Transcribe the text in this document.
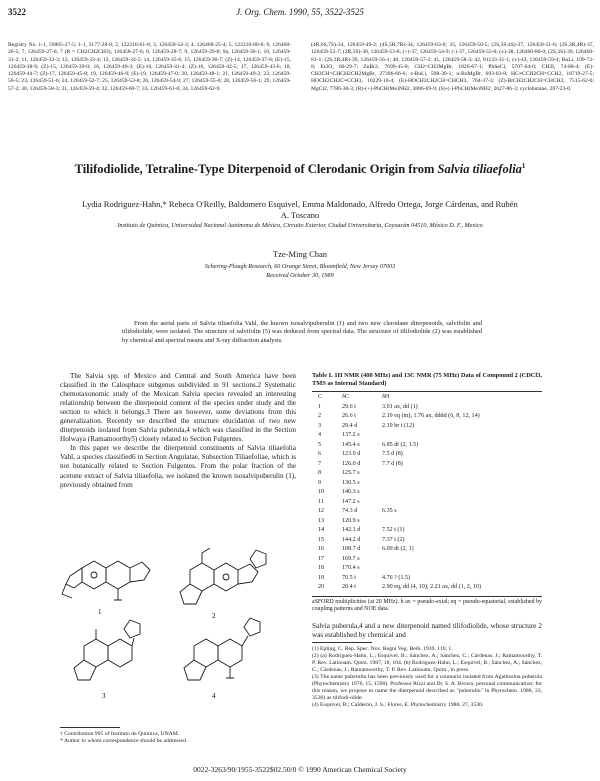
3522	J. Org. Chem. 1990, 55, 3522-3525
Registry No. 1-1, 59865-27-5; 1-1, 3177-28-8; 2, 122216-61-8; 3, 126458-54-3; 4, 126468-25-4; 5, 122210-80-6; 6, 126468-26-5; 7, 126459-27-6; 7 (R = CH2CH2CH3), 126458-27-6; 8, 126459-28-7; 9, 126459-29-8; 9a, 126459-30-1; 10, 126459-31-2; 11, 126459-32-3; 12, 126459-33-4; 13, 126459-34-5; 14, 126459-35-6; 15, 126459-36-7; (Z)-14, 126459-37-8; (E)-15, 126459-38-9; (Z)-15, 126459-39-0; 16, 126459-40-3; (E)-16, 126459-41-4; (Z)-16, 126459-42-5; 17, 126459-43-6; 18, 126459-44-7; (Z)-17, 126459-45-8; 19, 126459-46-9; (E)-19, 126459-47-0; 20, 126459-48-1; 21, 126459-49-2; 22, 126459-50-5; 23, 126459-51-6; 24, 126459-52-7; 25, 126459-53-8; 26, 126459-54-9; 27, 126459-55-0; 28, 126459-56-1; 29, 126459-57-2; 30, 126459-58-3; 31, 126459-59-4; 32, 126459-60-7; 33, 126459-61-8; 34, 126459-62-9.
(4R,6S,7S)-34, 126459-49-2; (4S,5R,7R)-34, 126459-63-0; 35, 126459-50-5; (2S,3S,4S)-37, 126459-51-6; (2S,3R,4R)-37, 126459-52-7; (2R,3S)-38, 126459-53-8; (+)-37, 126459-54-9; (-)-37, 126459-55-0; (±)-38, 126460-80-0; (2S,3S)-39, 126460-81-1; (2S,3R,4R)-39, 126459-56-1; 40, 126459-57-2; 41, 126459-58-3; 42, 81133-31-1; (±)-43, 126459-59-4; BuLi, 109-72-8; Et2O, 60-29-7; ZnBr2, 7699-45-8; CH2=CH2MgBr, 1826-67-1; PhSeCl, 5707-04-0; CH3I, 74-88-4; (E)-CH3CH=CHCH2CH2MgBr, 27396-66-6; s-BuLi, 598-30-1; n-BuMgBr, 693-03-8; HC≡CCH2CH=CCH2, 18719-27-5; HOCH2CH2C≡CCH3, 10229-10-4; (E)-HOCH2CH2CH=CHCH3, 764-37-3; (Z)-BrCH2CH2CH=CHCH3, 7515-62-0; MgCl2, 7786-30-3; (R)-(+)-PhCH(Me)NH2, 3886-69-9; (S)-(-)-PhCH(Me)NH2, 2627-86-3; cyclobutane, 287-23-0.
Tilifodiolide, Tetraline-Type Diterpenoid of Clerodanic Origin from Salvia tiliaefolia$^1$
Lydia Rodriguez-Hahn,* Rebeca O'Reilly, Baldomero Esquivel, Emma Maldonado, Alfredo Ortega, Jorge Cárdenas, and Rubén A. Toscano
Instituto de Química, Universidad Nacional Autónoma de México, Circuito Exterior, Ciudad Universitaria, Coyoacán 04510, México D. F., Mexico
Tze-Ming Chan
Schering-Plough Research, 60 Orange Street, Bloomfield, New Jersey 07003
Received October 30, 1989
From the aerial parts of Salvia tiliaefolia Vahl, the known isosalvipuberulin (1) and two new clerodane diterpenoids, salvifolin and tilifodiolide, were isolated. The structure of salvifolin (5) was deduced from spectral data. The structure of tilifodiolide (2) was established by chemical and spectral means and X-ray diffraction analysis.

The Salvia spp. of Mexico and Central and South America have been classified in the Calosphace subgenus subdivided in 91 sections.2 Systematic chemotaxonomic study of the Mexican Salvia species revealed an interesting relationship between the diterpenoid content of the species under study and the section to which it belongs.3 There are however, some deviations from this generalization. Recently we described the structure elucidation of two new diterpenoids isolated from Salvia puberula,4 which was classified in the Section Holwaya (Ramamoorthy5) closely related to Section Fulgentes.

In this paper we describe the diterpenoid constituents of Salvia tiliaefolia Vahl, a species classified6 in Section Angulatae, Subsection Tiliaefoliae, which is not botanically related to Section Fulgentes. From the polar fraction of the acetone extract of Salvia tiliaefolia, we isolated the known isosalvipuberulin (1), previously obtained from

1	2
3	4
† Contribution 995 of Instituto de Química, UNAM.
* Author to whom correspondence should be addressed.
Table I. 1H NMR (400 MHz) and 13C NMR (75 MHz) Data of Compound 2 (CDCl3, TMS as Internal Standard)
C	δC	δH
1	29.6 t	3.01 ax, dd (1)
2	26.6 t	2.19 eq (m); 1.76 ax, dddd (6, 8, 12, 14)
3	29.4 d	2.19 br t (12)
4	137.2 s	
5	145.4 s	6.85 dt (2, 1.5)
6	123.9 d	7.5 d (8)
7	126.0 d	7.7 d (8)
8	125.7 s	
9	130.5 s	
10	140.3 s	
11	147.2 s	
12	74.3 d	6.35 s
13	120.9 s	
14	142.1 d	7.52 t (1)
15	144.2 d	7.37 t (2)
16	108.7 d	6.09 dt (2, 1)
17	169.7 s	
18	170.4 s	
19	70.5 t	4.76 ? (1.5)
20	20.4 t	2.90 eq, dd (4, 10); 2.21 ax, dd (1, 2, 10)
aSFORD multiplicities (at 20 MHz). b ax = pseudo-axial; eq = pseudo-equatorial, established by coupling patterns and NOE data.
Salvia puberula,4 and a new diterpenoid named tilifodiolide, whose structure 2 was established by chemical and
(1) Epling, C. Rep. Spec. Nov. Regni Veg. Beih. 1939, 110, 1.
(2) (a) Rodriguez-Hahn, L.; Esquivel, B.; Sánchez, A.; Sánchez, C.; Cárdenas, J.; Ramamoorthy, T. P. Rev. Latinoam. Quim. 1987, 18, 104. (b) Rodriguez-Hahn, L.; Esquivel, B.; Sánchez, A.; Sánchez, C.; Cárdenas, J.; Ramamoorthy, T. P. Rev. Latinoam. Quim., in press.
(3) The name puberulin has been previously used for a coumarin isolated from Agathosma puberula (Phytochemistry 1976, 15, 1590). Professor Rizzi and Dr. S. A. Brown, personal communication; for this reason, we propose to name the diterpenoid described as "puberulin" in Phytochem. 1988, 33, 3530) as tilifodi-olide.
(4) Esquivel, B.; Calderón, J. S.; Flores, E. Phytochemistry 1988, 27, 3530.
0022-3263/90/1955-3522$02.50/0 © 1990 American Chemical Society
